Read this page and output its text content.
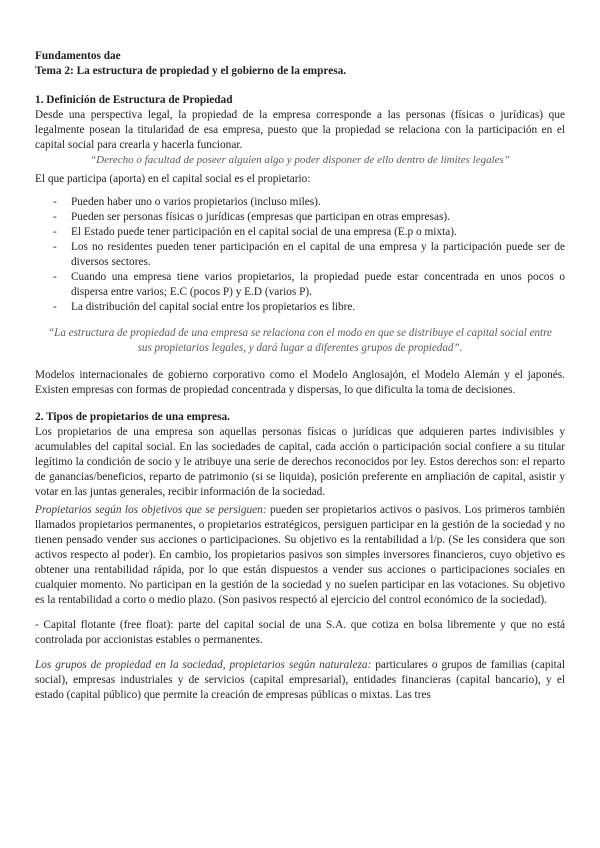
Fundamentos dae

Tema 2: La estructura de propiedad y el gobierno de la empresa.

1. Definición de Estructura de Propiedad

Desde una perspectiva legal, la propiedad de la empresa corresponde a las personas (físicas o jurídicas) que legalmente posean la titularidad de esa empresa, puesto que la propiedad se relaciona con la participación en el capital social para crearla y hacerla funcionar.

“Derecho o facultad de poseer alguien algo y poder disponer de ello dentro de límites legales”

El que participa (aporta) en el capital social es el propietario:

- Pueden haber uno o varios propietarios (incluso miles).
- Pueden ser personas físicas o jurídicas (empresas que participan en otras empresas).
- El Estado puede tener participación en el capital social de una empresa (E.p o mixta).
- Los no residentes pueden tener participación en el capital de una empresa y la participación puede ser de diversos sectores.
- Cuando una empresa tiene varios propietarios, la propiedad puede estar concentrada en unos pocos o dispersa entre varios; E.C (pocos P) y E.D (varios P).
- La distribución del capital social entre los propietarios es libre.

“La estructura de propiedad de una empresa se relaciona con el modo en que se distribuye el capital social entre sus propietarios legales, y dará lugar a diferentes grupos de propiedad”.

Modelos internacionales de gobierno corporativo como el Modelo Anglosajón, el Modelo Alemán y el japonés. Existen empresas con formas de propiedad concentrada y dispersas, lo que dificulta la toma de decisiones.

2. Tipos de propietarios de una empresa.

Los propietarios de una empresa son aquellas personas físicas o jurídicas que adquieren partes indivisibles y acumulables del capital social. En las sociedades de capital, cada acción o participación social confiere a su titular legítimo la condición de socio y le atribuye una serie de derechos reconocidos por ley. Estos derechos son: el reparto de ganancias/beneficios, reparto de patrimonio (si se liquida), posición preferente en ampliación de capital, asistir y votar en las juntas generales, recibir información de la sociedad.

Propietarios según los objetivos que se persiguen: pueden ser propietarios activos o pasivos. Los primeros también llamados propietarios permanentes, o propietarios estratégicos, persiguen participar en la gestión de la sociedad y no tienen pensado vender sus acciones o participaciones. Su objetivo es la rentabilidad a l/p. (Se les considera que son activos respecto al poder). En cambio, los propietarios pasivos son simples inversores financieros, cuyo objetivo es obtener una rentabilidad rápida, por lo que están dispuestos a vender sus acciones o participaciones sociales en cualquier momento. No participan en la gestión de la sociedad y no suelen participar en las votaciones. Su objetivo es la rentabilidad a corto o medio plazo. (Son pasivos respectó al ejercicio del control económico de la sociedad).

- Capital flotante (free float): parte del capital social de una S.A. que cotiza en bolsa libremente y que no está controlada por accionistas estables o permanentes.

Los grupos de propiedad en la sociedad, propietarios según naturaleza: particulares o grupos de familias (capital social), empresas industriales y de servicios (capital empresarial), entidades financieras (capital bancario), y el estado (capital público) que permite la creación de empresas públicas o mixtas. Las tres
